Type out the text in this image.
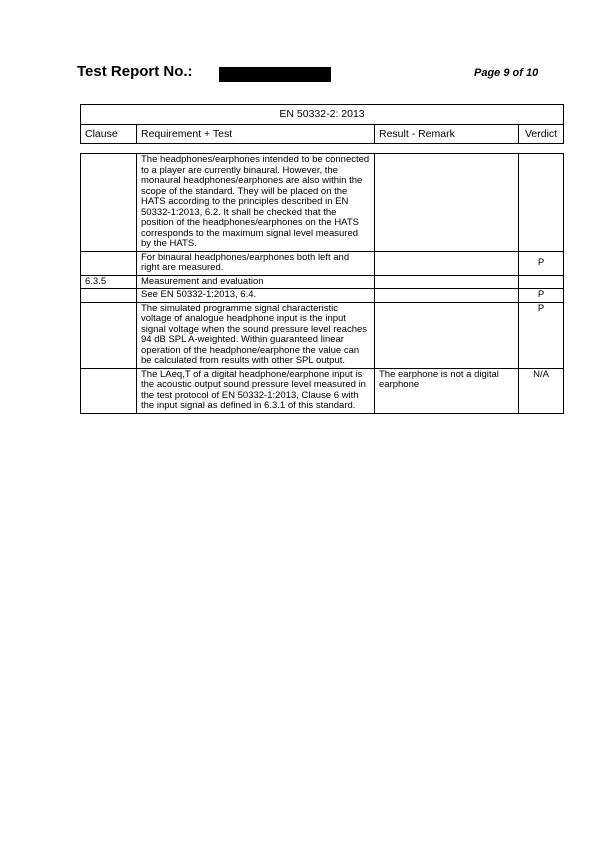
Test Report No.:	Page 9 of 10
EN 50332-2: 2013
Clause	Requirement + Test	Result - Remark	Verdict
	The headphones/earphones intended to be connected to a player are currently binaural. However, the monaural headphones/earphones are also within the scope of the standard. They will be placed on the HATS according to the principles described in EN 50332-1:2013, 6.2. It shall be checked that the position of the headphones/earphones on the HATS corresponds to the maximum signal level measured by the HATS.		
	For binaural headphones/earphones both left and right are measured.		P
6.3.5	Measurement and evaluation		
	See EN 50332-1:2013, 6.4.		P
	The simulated programme signal characteristic voltage of analogue headphone input is the input signal voltage when the sound pressure level reaches 94 dB SPL A-weighted. Within guaranteed linear operation of the headphone/earphone the value can be calculated from results with other SPL output.		P
	The LAeq,T of a digital headphone/earphone input is the acoustic output sound pressure level measured in the test protocol of EN 50332-1:2013, Clause 6 with the input signal as defined in 6.3.1 of this standard.	The earphone is not a digital earphone	N/A
